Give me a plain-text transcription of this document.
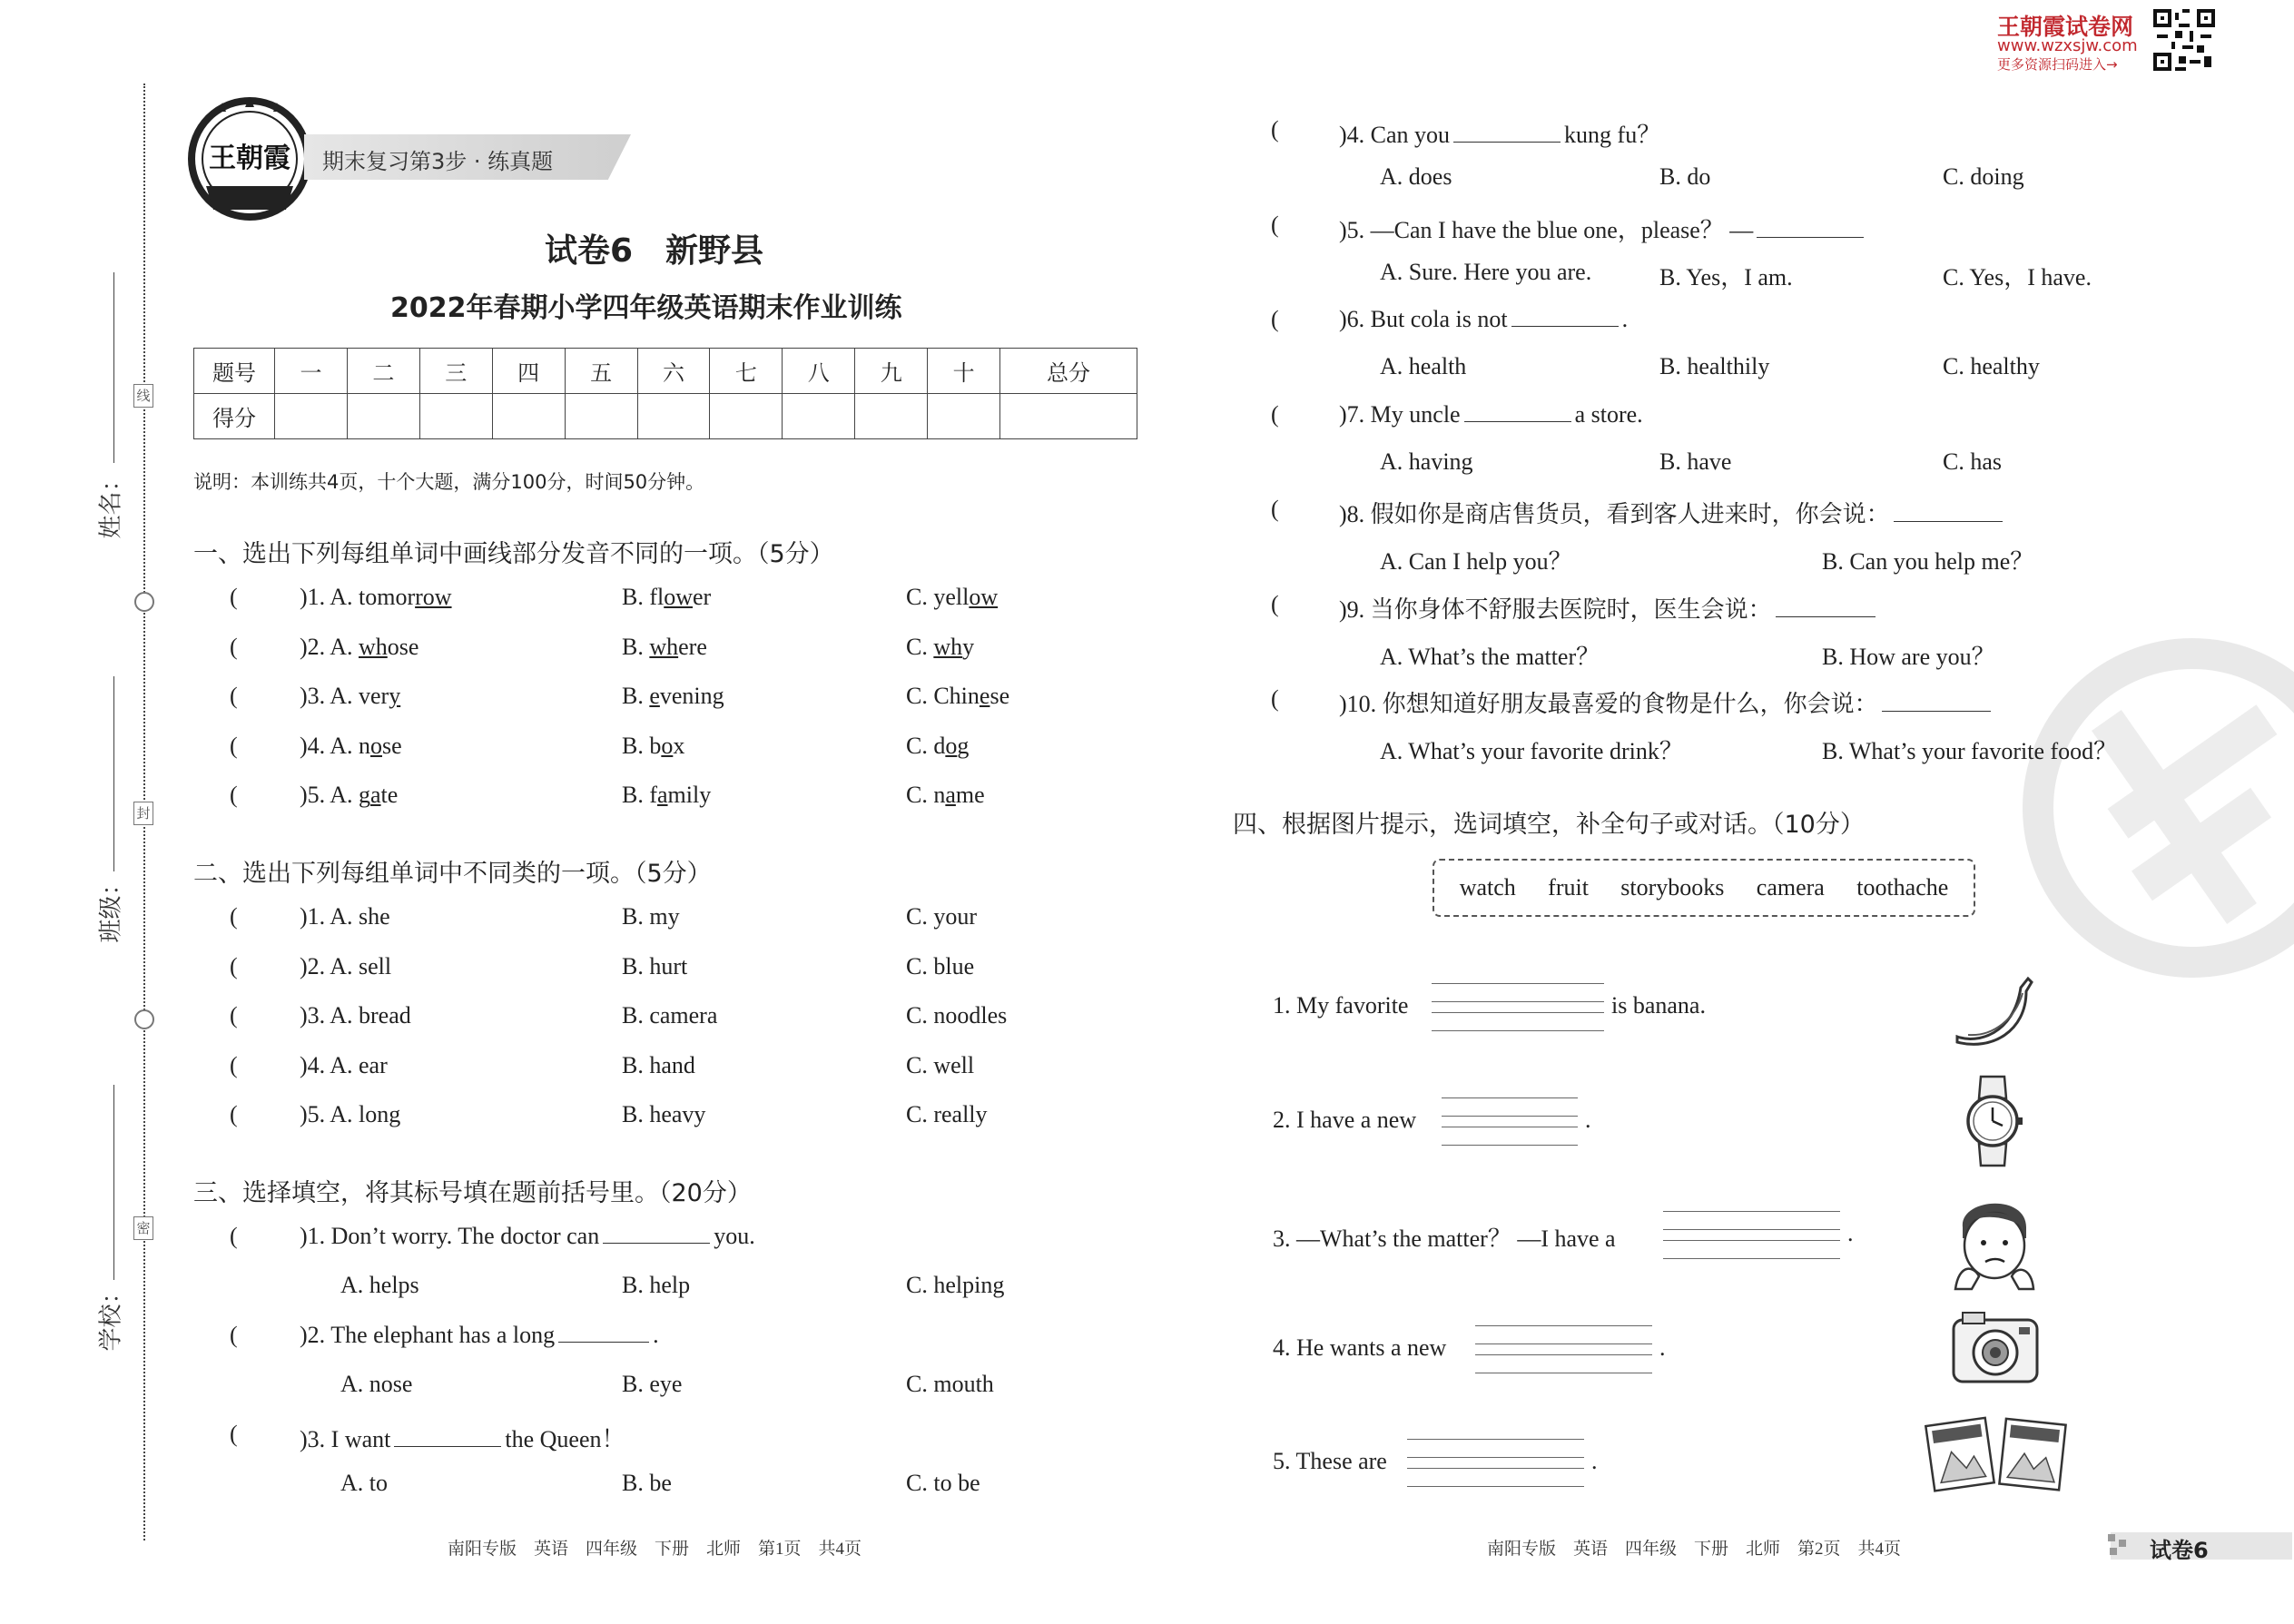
姓名：
班级：
学校：
线
封
密
王朝霞 期末复习第3步 · 练真题
王朝霞试卷网
www.wzxsjw.com
更多资源扫码进入→
试卷6　新野县
2022年春期小学四年级英语期末作业训练
题号	一	二	三	四	五	六	七	八	九	十	总分
得分											
说明：本训练共4页，十个大题，满分100分，时间50分钟。
一、选出下列每组单词中画线部分发音不同的一项。（5分）
(	)1. A. tomorrow	B. flower	C. yellow
(	)2. A. whose	B. where	C. why
(	)3. A. very	B. evening	C. Chinese
(	)4. A. nose	B. box	C. dog
(	)5. A. gate	B. family	C. name
二、选出下列每组单词中不同类的一项。（5分）
(	)1. A. she	B. my	C. your
(	)2. A. sell	B. hurt	C. blue
(	)3. A. bread	B. camera	C. noodles
(	)4. A. ear	B. hand	C. well
(	)5. A. long	B. heavy	C. really
三、选择填空，将其标号填在题前括号里。（20分）
(	)1. Don’t worry. The doctor can	you.
A. helps	B. help	C. helping
(	)2. The elephant has a long	.
A. nose	B. eye	C. mouth
(	)3. I want	the Queen！
A. to	B. be	C. to be
(	)4. Can you	kung fu？
A. does	B. do	C. doing
(	)5. —Can I have the blue one，please？ —
A. Sure. Here you are.	B. Yes，I am.	C. Yes，I have.
(	)6. But cola is not	.
A. health	B. healthily	C. healthy
(	)7. My uncle	a store.
A. having	B. have	C. has
(	)8. 假如你是商店售货员，看到客人进来时，你会说：
A. Can I help you？	B. Can you help me？
(	)9. 当你身体不舒服去医院时，医生会说：
A. What’s the matter？	B. How are you？
(	)10. 你想知道好朋友最喜爱的食物是什么，你会说：
A. What’s your favorite drink？	B. What’s your favorite food？
四、根据图片提示，选词填空，补全句子或对话。（10分）
watch fruit storybooks camera toothache
1. My favorite	is banana.
2. I have a new	.
3. —What’s the matter？ —I have a	.
4. He wants a new	.
5. These are	.
南阳专版　英语　四年级　下册　北师　第1页　共4页	南阳专版　英语　四年级　下册　北师　第2页　共4页	试卷6
